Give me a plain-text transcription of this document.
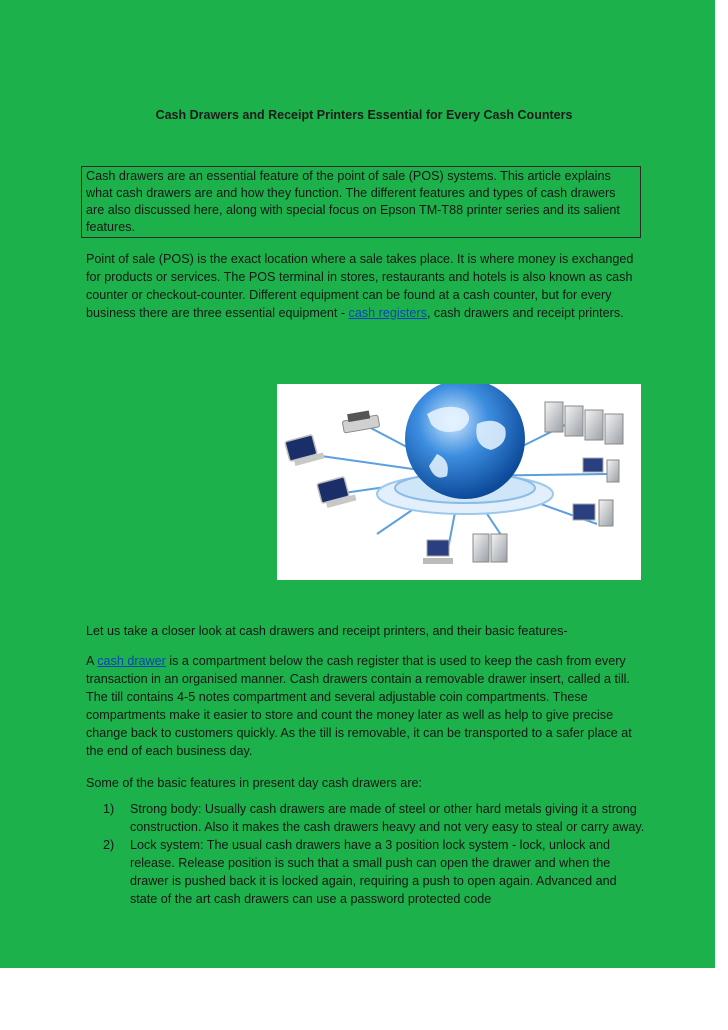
Cash Drawers and Receipt Printers Essential for Every Cash Counters
Cash drawers are an essential feature of the point of sale (POS) systems. This article explains what cash drawers are and how they function. The different features and types of cash drawers are also discussed here, along with special focus on Epson TM-T88 printer series and its salient features.
Point of sale (POS) is the exact location where a sale takes place. It is where money is exchanged for products or services. The POS terminal in stores, restaurants and hotels is also known as cash counter or checkout-counter. Different equipment can be found at a cash counter, but for every business there are three essential equipment - cash registers, cash drawers and receipt printers.
Let us take a closer look at cash drawers and receipt printers, and their basic features-
A cash drawer is a compartment below the cash register that is used to keep the cash from every transaction in an organised manner. Cash drawers contain a removable drawer insert, called a till. The till contains 4-5 notes compartment and several adjustable coin compartments. These compartments make it easier to store and count the money later as well as help to give precise change back to customers quickly. As the till is removable, it can be transported to a safer place at the end of each business day.
Some of the basic features in present day cash drawers are:
1) Strong body: Usually cash drawers are made of steel or other hard metals giving it a strong construction. Also it makes the cash drawers heavy and not very easy to steal or carry away.
2) Lock system: The usual cash drawers have a 3 position lock system - lock, unlock and release. Release position is such that a small push can open the drawer and when the drawer is pushed back it is locked again, requiring a push to open again. Advanced and state of the art cash drawers can use a password protected code
